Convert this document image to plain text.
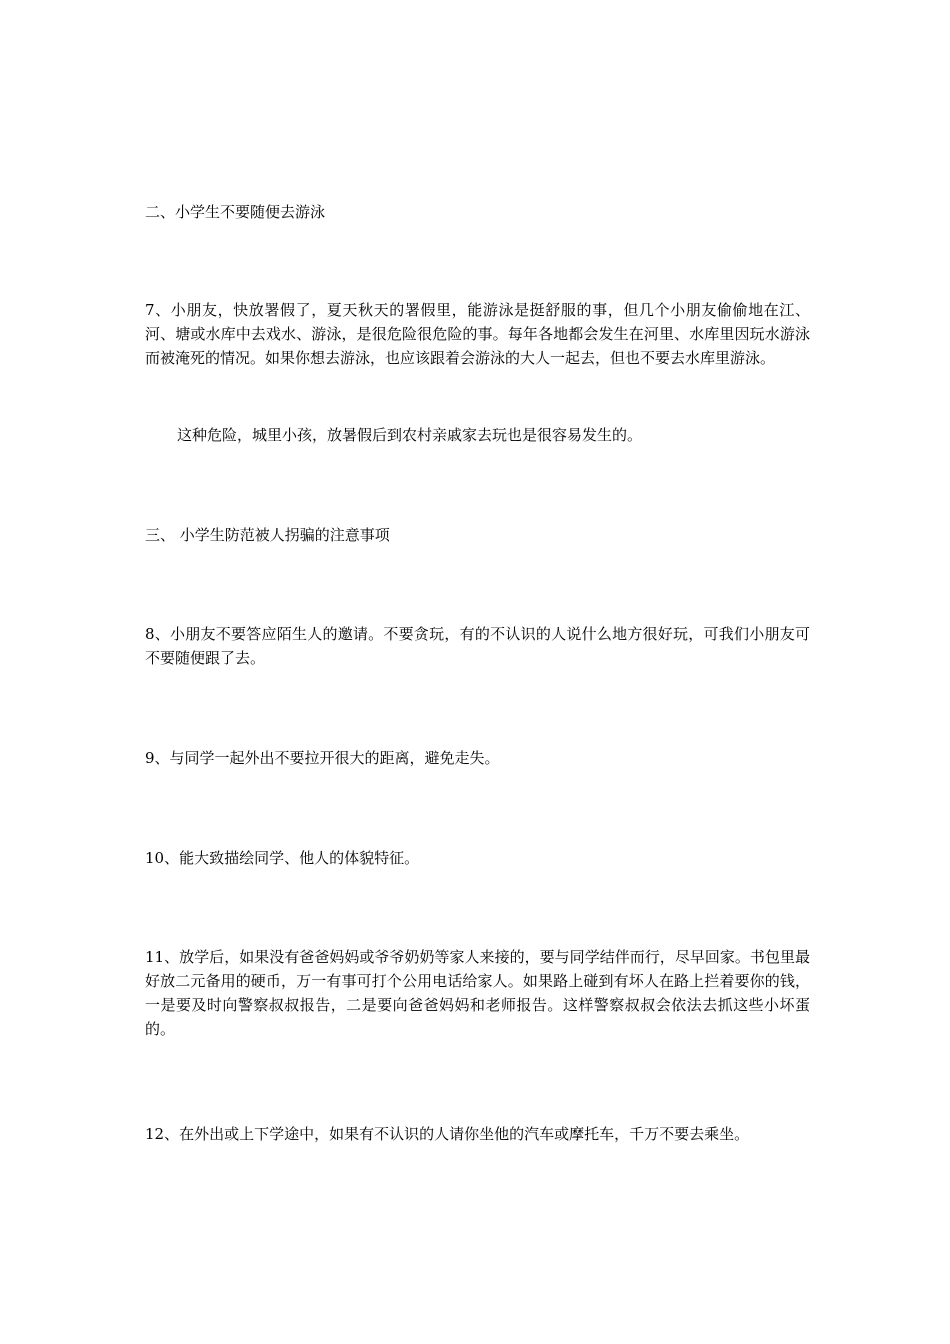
二、小学生不要随便去游泳

7、小朋友，快放署假了，夏天秋天的署假里，能游泳是挺舒服的事，但几个小朋友偷偷地在江、河、塘或水库中去戏水、游泳，是很危险很危险的事。每年各地都会发生在河里、水库里因玩水游泳而被淹死的情况。如果你想去游泳，也应该跟着会游泳的大人一起去，但也不要去水库里游泳。

这种危险，城里小孩，放暑假后到农村亲戚家去玩也是很容易发生的。

三、 小学生防范被人拐骗的注意事项

8、小朋友不要答应陌生人的邀请。不要贪玩，有的不认识的人说什么地方很好玩，可我们小朋友可不要随便跟了去。

9、与同学一起外出不要拉开很大的距离，避免走失。

10、能大致描绘同学、他人的体貌特征。

11、放学后，如果没有爸爸妈妈或爷爷奶奶等家人来接的，要与同学结伴而行，尽早回家。书包里最好放二元备用的硬币，万一有事可打个公用电话给家人。如果路上碰到有坏人在路上拦着要你的钱，一是要及时向警察叔叔报告，二是要向爸爸妈妈和老师报告。这样警察叔叔会依法去抓这些小坏蛋的。

12、在外出或上下学途中，如果有不认识的人请你坐他的汽车或摩托车，千万不要去乘坐。
